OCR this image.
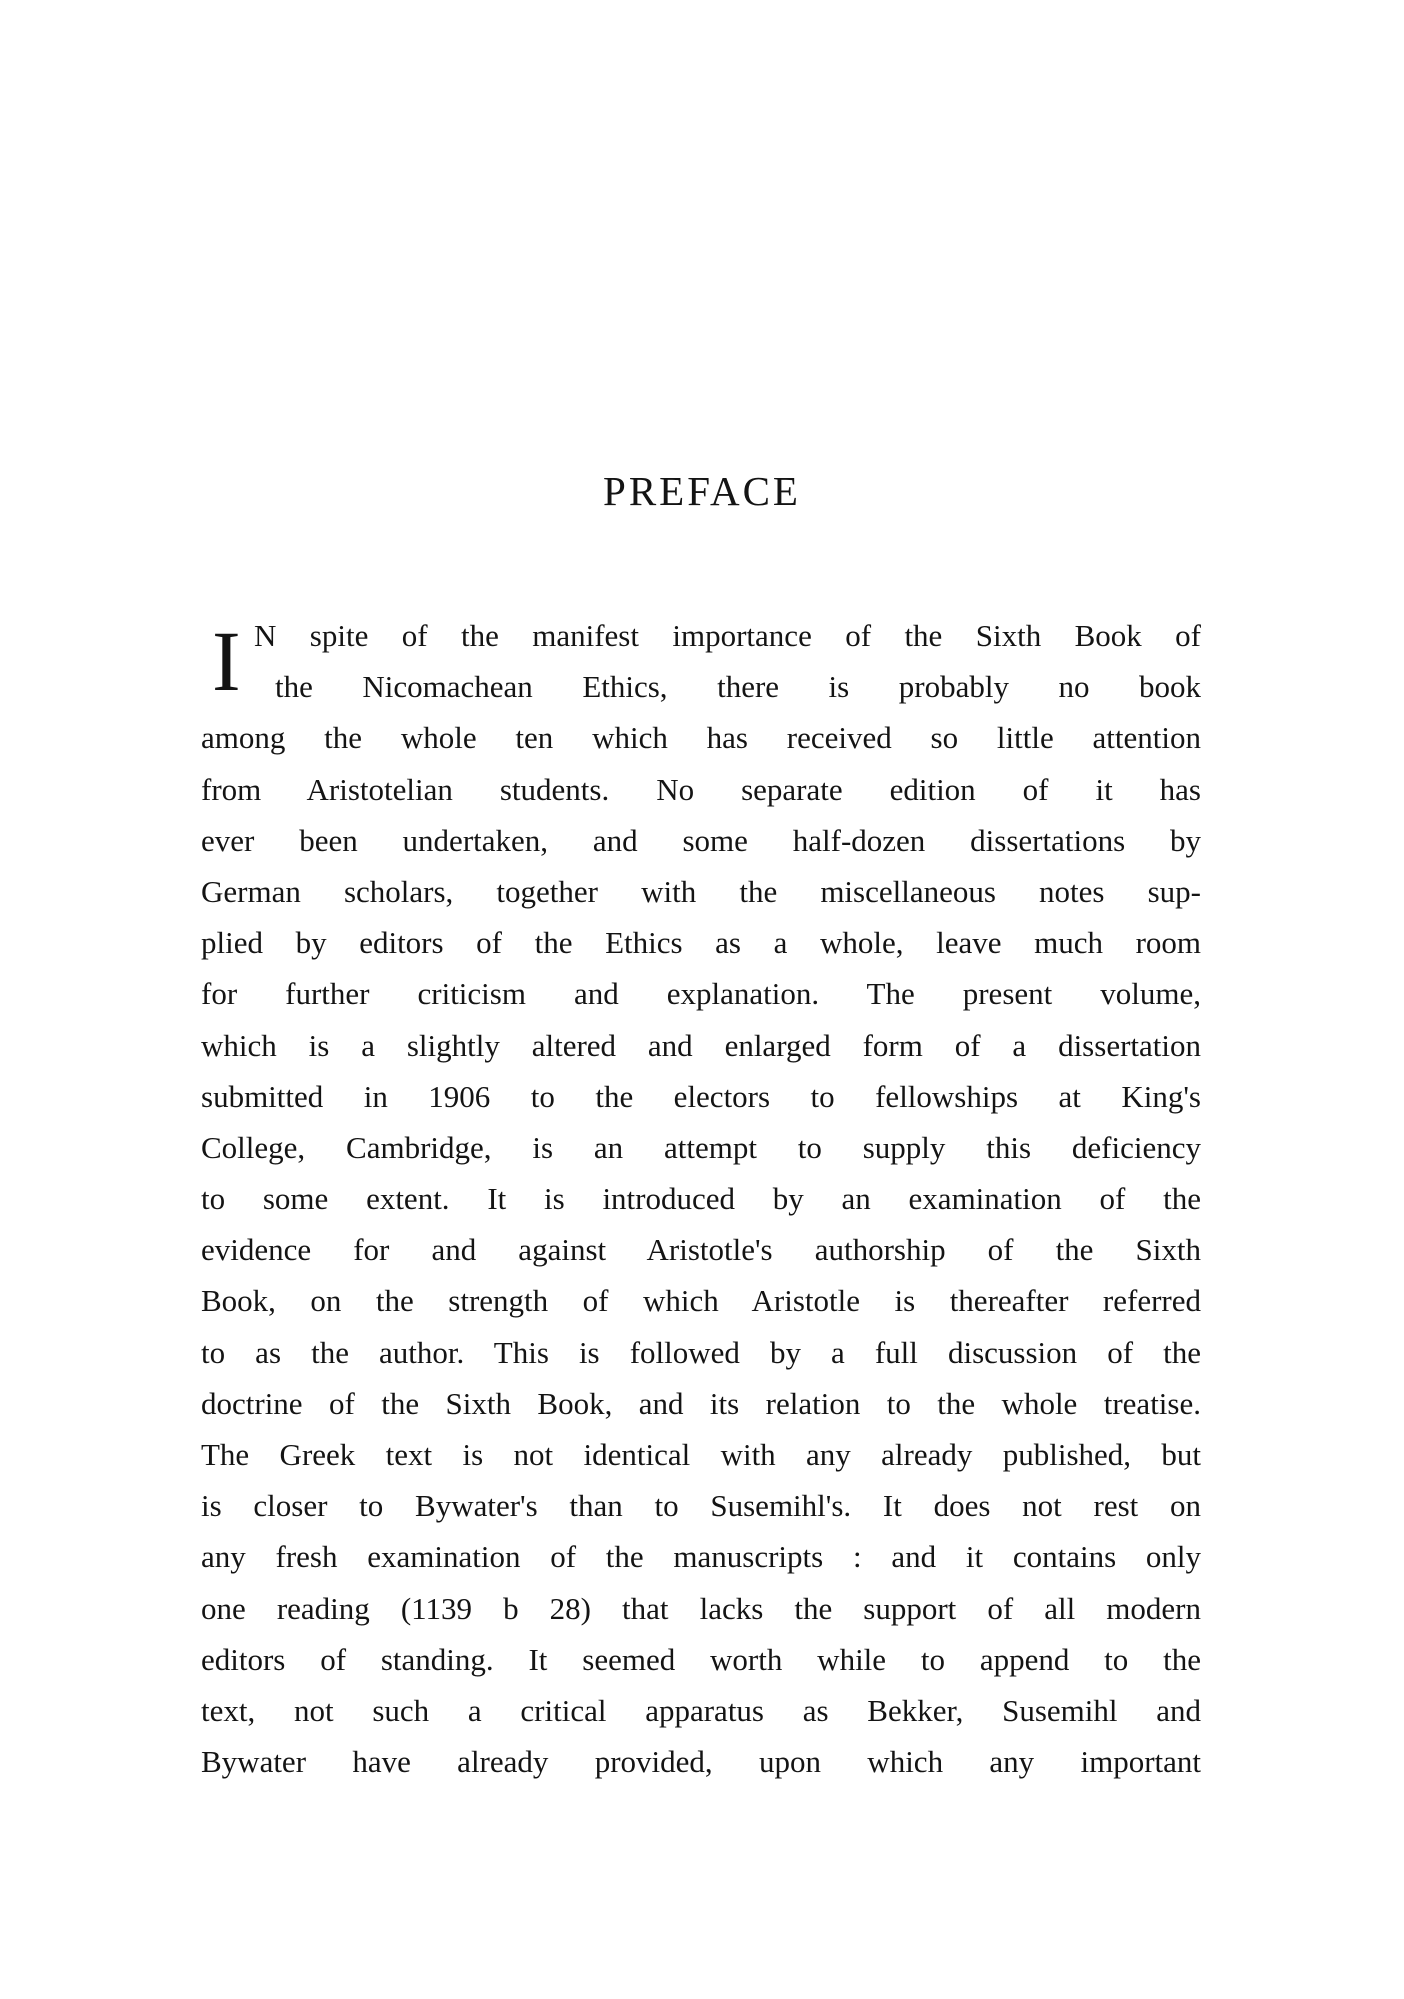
PREFACE
I N spite of the manifest importance of the Sixth Book of
the Nicomachean Ethics, there is probably no book
among the whole ten which has received so little attention
from Aristotelian students. No separate edition of it has
ever been undertaken, and some half-dozen dissertations by
German scholars, together with the miscellaneous notes sup-
plied by editors of the Ethics as a whole, leave much room
for further criticism and explanation. The present volume,
which is a slightly altered and enlarged form of a dissertation
submitted in 1906 to the electors to fellowships at King's
College, Cambridge, is an attempt to supply this deficiency
to some extent. It is introduced by an examination of the
evidence for and against Aristotle's authorship of the Sixth
Book, on the strength of which Aristotle is thereafter referred
to as the author. This is followed by a full discussion of the
doctrine of the Sixth Book, and its relation to the whole treatise.
The Greek text is not identical with any already published, but
is closer to Bywater's than to Susemihl's. It does not rest on
any fresh examination of the manuscripts : and it contains only
one reading (1139 b 28) that lacks the support of all modern
editors of standing. It seemed worth while to append to the
text, not such a critical apparatus as Bekker, Susemihl and
Bywater have already provided, upon which any important
